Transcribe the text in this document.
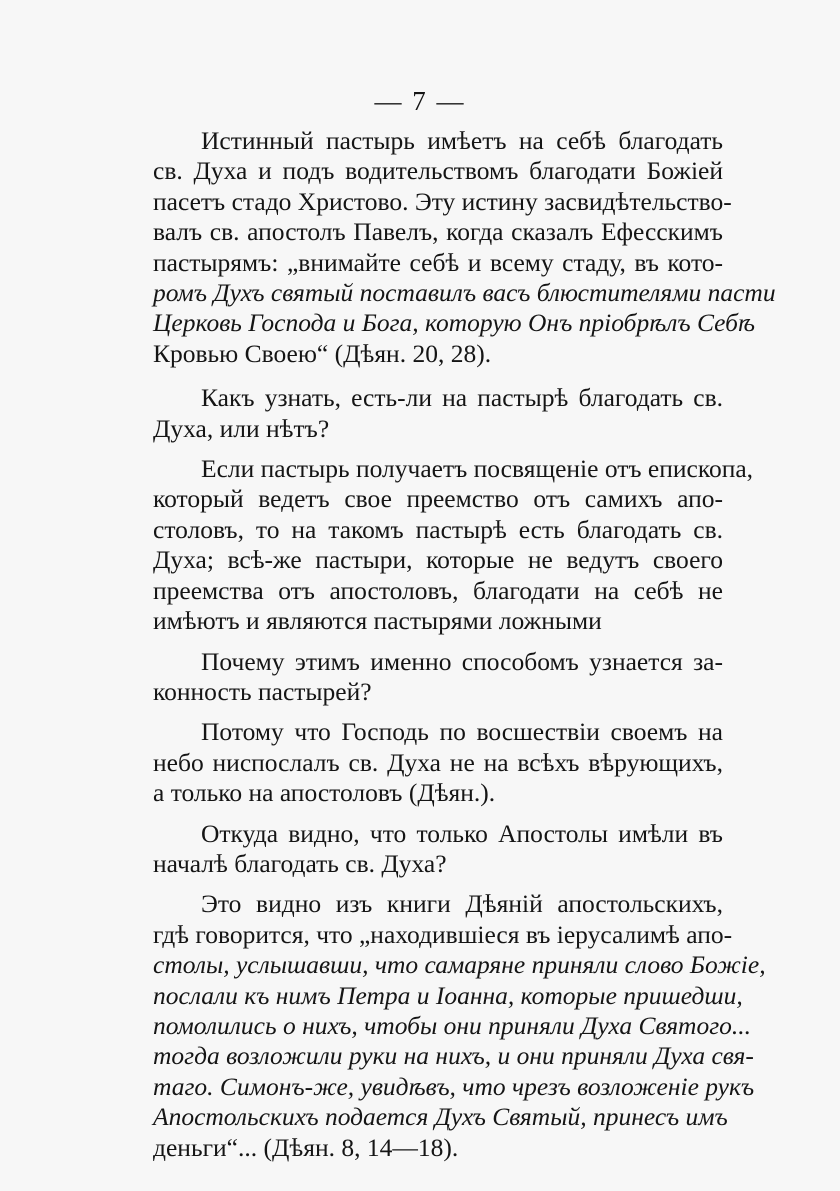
— 7 —
Истинный пастырь имѣетъ на себѣ благодать
св. Духа и подъ водительствомъ благодати Божіей
пасетъ стадо Христово. Эту истину засвидѣтельство-
валъ св. апостолъ Павелъ, когда сказалъ Ефесскимъ
пастырямъ: „внимайте себѣ и всему стаду, въ кото-
ромъ Духъ святый поставилъ васъ блюстителями пасти
Церковь Господа и Бога, которую Онъ пріобрѣлъ Себѣ
Кровью Своею“ (Дѣян. 20, 28).
Какъ узнать, есть-ли на пастырѣ благодать св.
Духа, или нѣтъ?
Если пастырь получаетъ посвященіе отъ епископа,
который ведетъ свое преемство отъ самихъ апо-
столовъ, то на такомъ пастырѣ есть благодать св.
Духа; всѣ-же пастыри, которые не ведутъ своего
преемства отъ апостоловъ, благодати на себѣ не
имѣютъ и являются пастырями ложными
Почему этимъ именно способомъ узнается за-
конность пастырей?
Потому что Господь по восшествіи своемъ на
небо ниспослалъ св. Духа не на всѣхъ вѣрующихъ,
а только на апостоловъ (Дѣян.).
Откуда видно, что только Апостолы имѣли въ
началѣ благодать св. Духа?
Это видно изъ книги Дѣяній апостольскихъ,
гдѣ говорится, что „находившіеся въ іерусалимѣ апо-
столы, услышавши, что самаряне приняли слово Божіе,
послали къ нимъ Петра и Іоанна, которые пришедши,
помолились о нихъ, чтобы они приняли Духа Святого...
тогда возложили руки на нихъ, и они приняли Духа свя-
таго. Симонъ-же, увидѣвъ, что чрезъ возложеніе рукъ
Апостольскихъ подается Духъ Святый, принесъ имъ
деньги“... (Дѣян. 8, 14—18).
